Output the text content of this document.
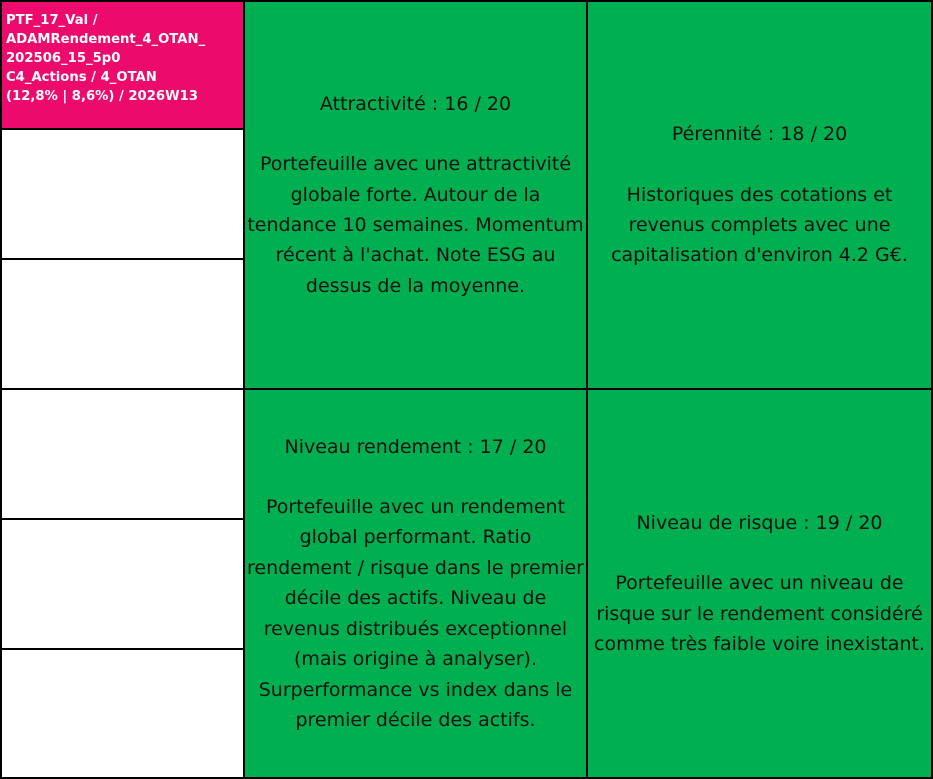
PTF_17_Val /
ADAMRendement_4_OTAN_
202506_15_5p0
C4_Actions / 4_OTAN
(12,8% | 8,6%) / 2026W13	Attractivité : 16 / 20
Portefeuille avec une attractivité globale forte. Autour de la tendance 10 semaines. Momentum récent à l'achat. Note ESG au dessus de la moyenne.
Pérennité : 18 / 20
Historiques des cotations et revenus complets avec une capitalisation d'environ 4.2 G€.
Niveau rendement : 17 / 20
Portefeuille avec un rendement global performant. Ratio rendement / risque dans le premier décile des actifs. Niveau de revenus distribués exceptionnel (mais origine à analyser). Surperformance vs index dans le premier décile des actifs.
Niveau de risque : 19 / 20
Portefeuille avec un niveau de risque sur le rendement considéré comme très faible voire inexistant.
